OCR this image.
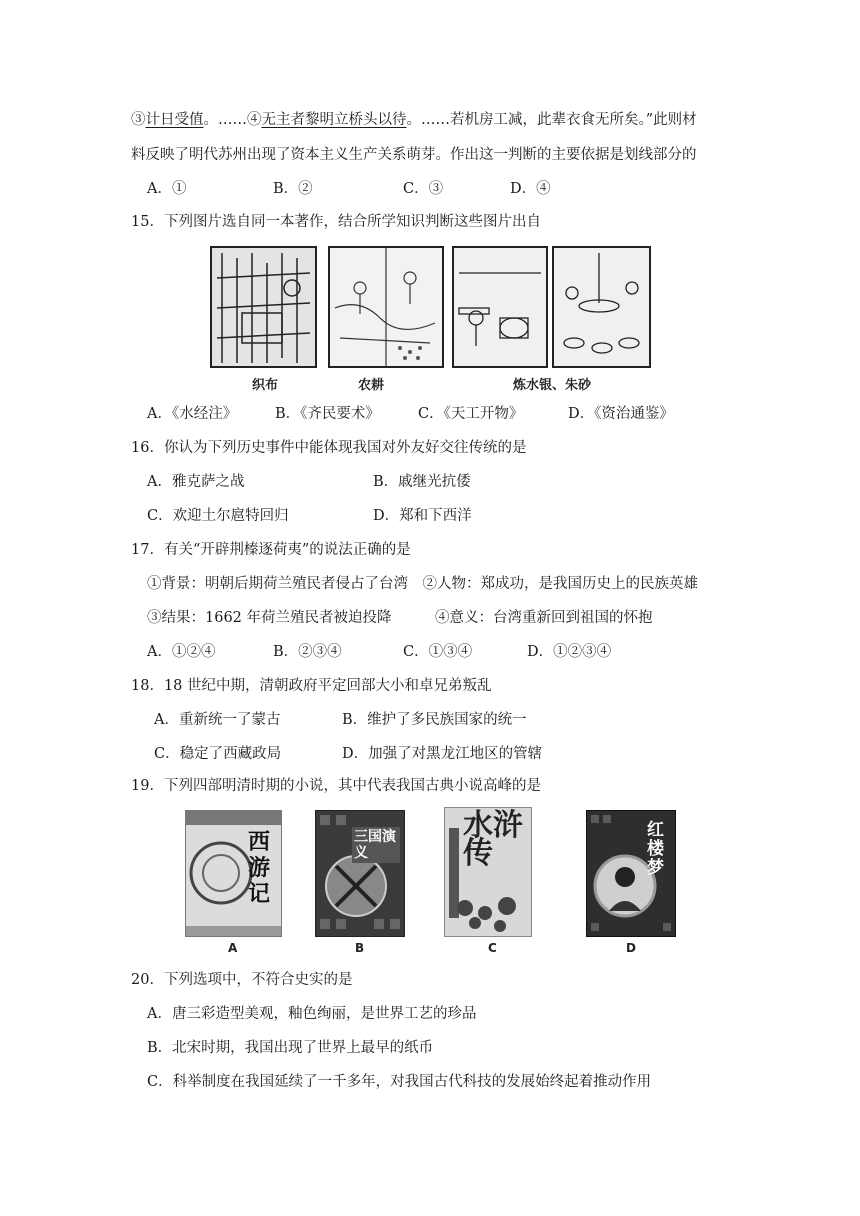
③计日受值。……④无主者黎明立桥头以待。……若机房工减，此辈衣食无所矣。”此则材
料反映了明代苏州出现了资本主义生产关系萌芽。作出这一判断的主要依据是划线部分的
A．①	B．②	C．③	D．④
15．下列图片选自同一本著作，结合所学知识判断这些图片出自
织布	农耕	炼水银、朱砂
A．《水经注》	B．《齐民要术》	C．《天工开物》	D．《资治通鉴》
16．你认为下列历史事件中能体现我国对外友好交往传统的是
A．雅克萨之战	B．戚继光抗倭
C．欢迎土尔扈特回归	D．郑和下西洋
17．有关“开辟荆榛逐荷夷”的说法正确的是
①背景：明朝后期荷兰殖民者侵占了台湾　②人物：郑成功，是我国历史上的民族英雄
③结果：1662 年荷兰殖民者被迫投降　　　④意义：台湾重新回到祖国的怀抱
A．①②④	B．②③④	C．①③④	D．①②③④
18．18 世纪中期，清朝政府平定回部大小和卓兄弟叛乱
A．重新统一了蒙古	B．维护了多民族国家的统一
C．稳定了西藏政局	D．加强了对黑龙江地区的管辖
19．下列四部明清时期的小说，其中代表我国古典小说高峰的是
西游记
A
三国演义
B
水浒传
C
红楼梦
D
20．下列选项中，不符合史实的是
A．唐三彩造型美观，釉色绚丽，是世界工艺的珍品
B．北宋时期，我国出现了世界上最早的纸币
C．科举制度在我国延续了一千多年，对我国古代科技的发展始终起着推动作用
